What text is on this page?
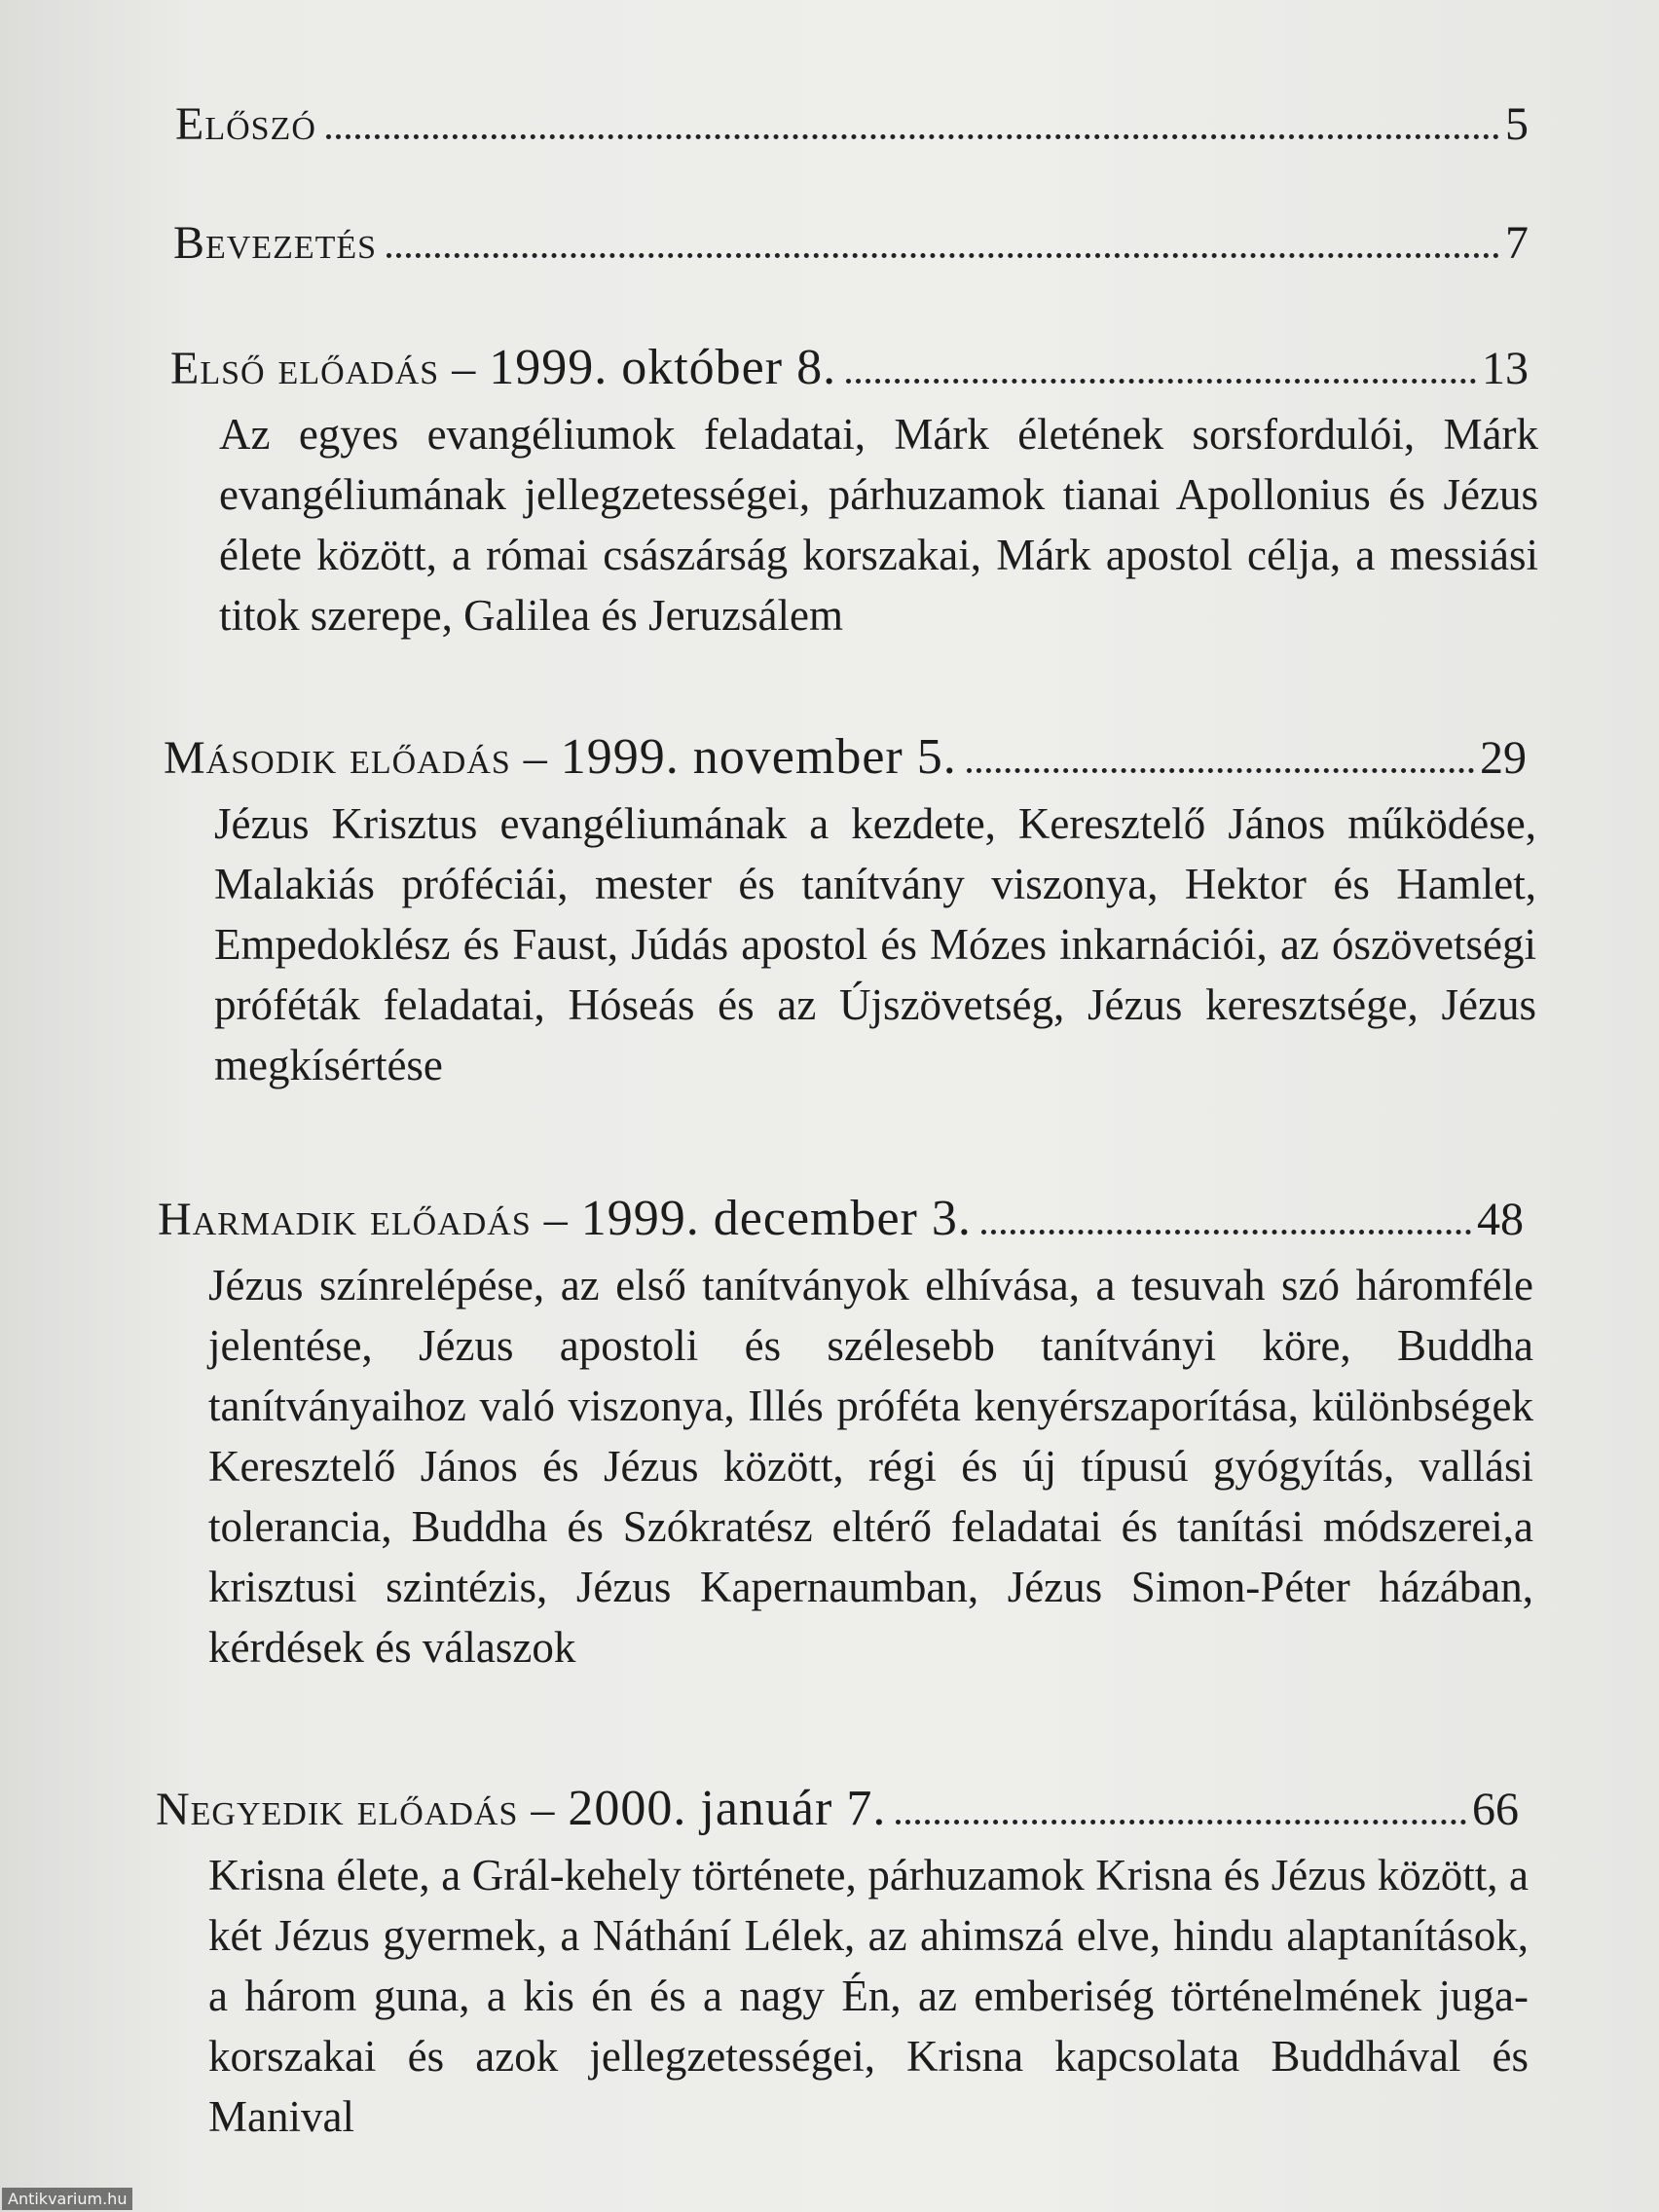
Előszó	5
Bevezetés	7
Első előadás – 1999. október 8.	13
Az egyes evangéliumok feladatai, Márk életének sorsfordulói, Márk evangéliumának jellegzetességei, párhuzamok tianai Apollonius és Jézus élete között, a római császárság korszakai, Márk apostol célja, a messiási titok szerepe, Galilea és Jeruzsálem
Második előadás – 1999. november 5.	29
Jézus Krisztus evangéliumának a kezdete, Keresztelő János működése, Malakiás próféciái, mester és tanítvány viszonya, Hektor és Hamlet, Empedoklész és Faust, Júdás apostol és Mózes inkarnációi, az ószövetségi próféták feladatai, Hóseás és az Újszövetség, Jézus keresztsége, Jézus megkísértése
Harmadik előadás – 1999. december 3.	48
Jézus színrelépése, az első tanítványok elhívása, a tesuvah szó háromféle jelentése, Jézus apostoli és szélesebb tanítványi köre, Buddha tanítványaihoz való viszonya, Illés próféta kenyérszaporítása, különbségek Keresztelő János és Jézus között, régi és új típusú gyógyítás, vallási tolerancia, Buddha és Szókratész eltérő feladatai és tanítási módszerei,a krisztusi szintézis, Jézus Kapernaumban, Jézus Simon-Péter házában, kérdések és válaszok
Negyedik előadás – 2000. január 7.	66
Krisna élete, a Grál-kehely története, párhuzamok Krisna és Jézus között, a két Jézus gyermek, a Náthání Lélek, az ahimszá elve, hindu alaptanítások, a három guna, a kis én és a nagy Én, az emberiség történelmének juga-korszakai és azok jellegzetességei, Krisna kapcsolata Buddhával és Manival
Antikvarium.hu
